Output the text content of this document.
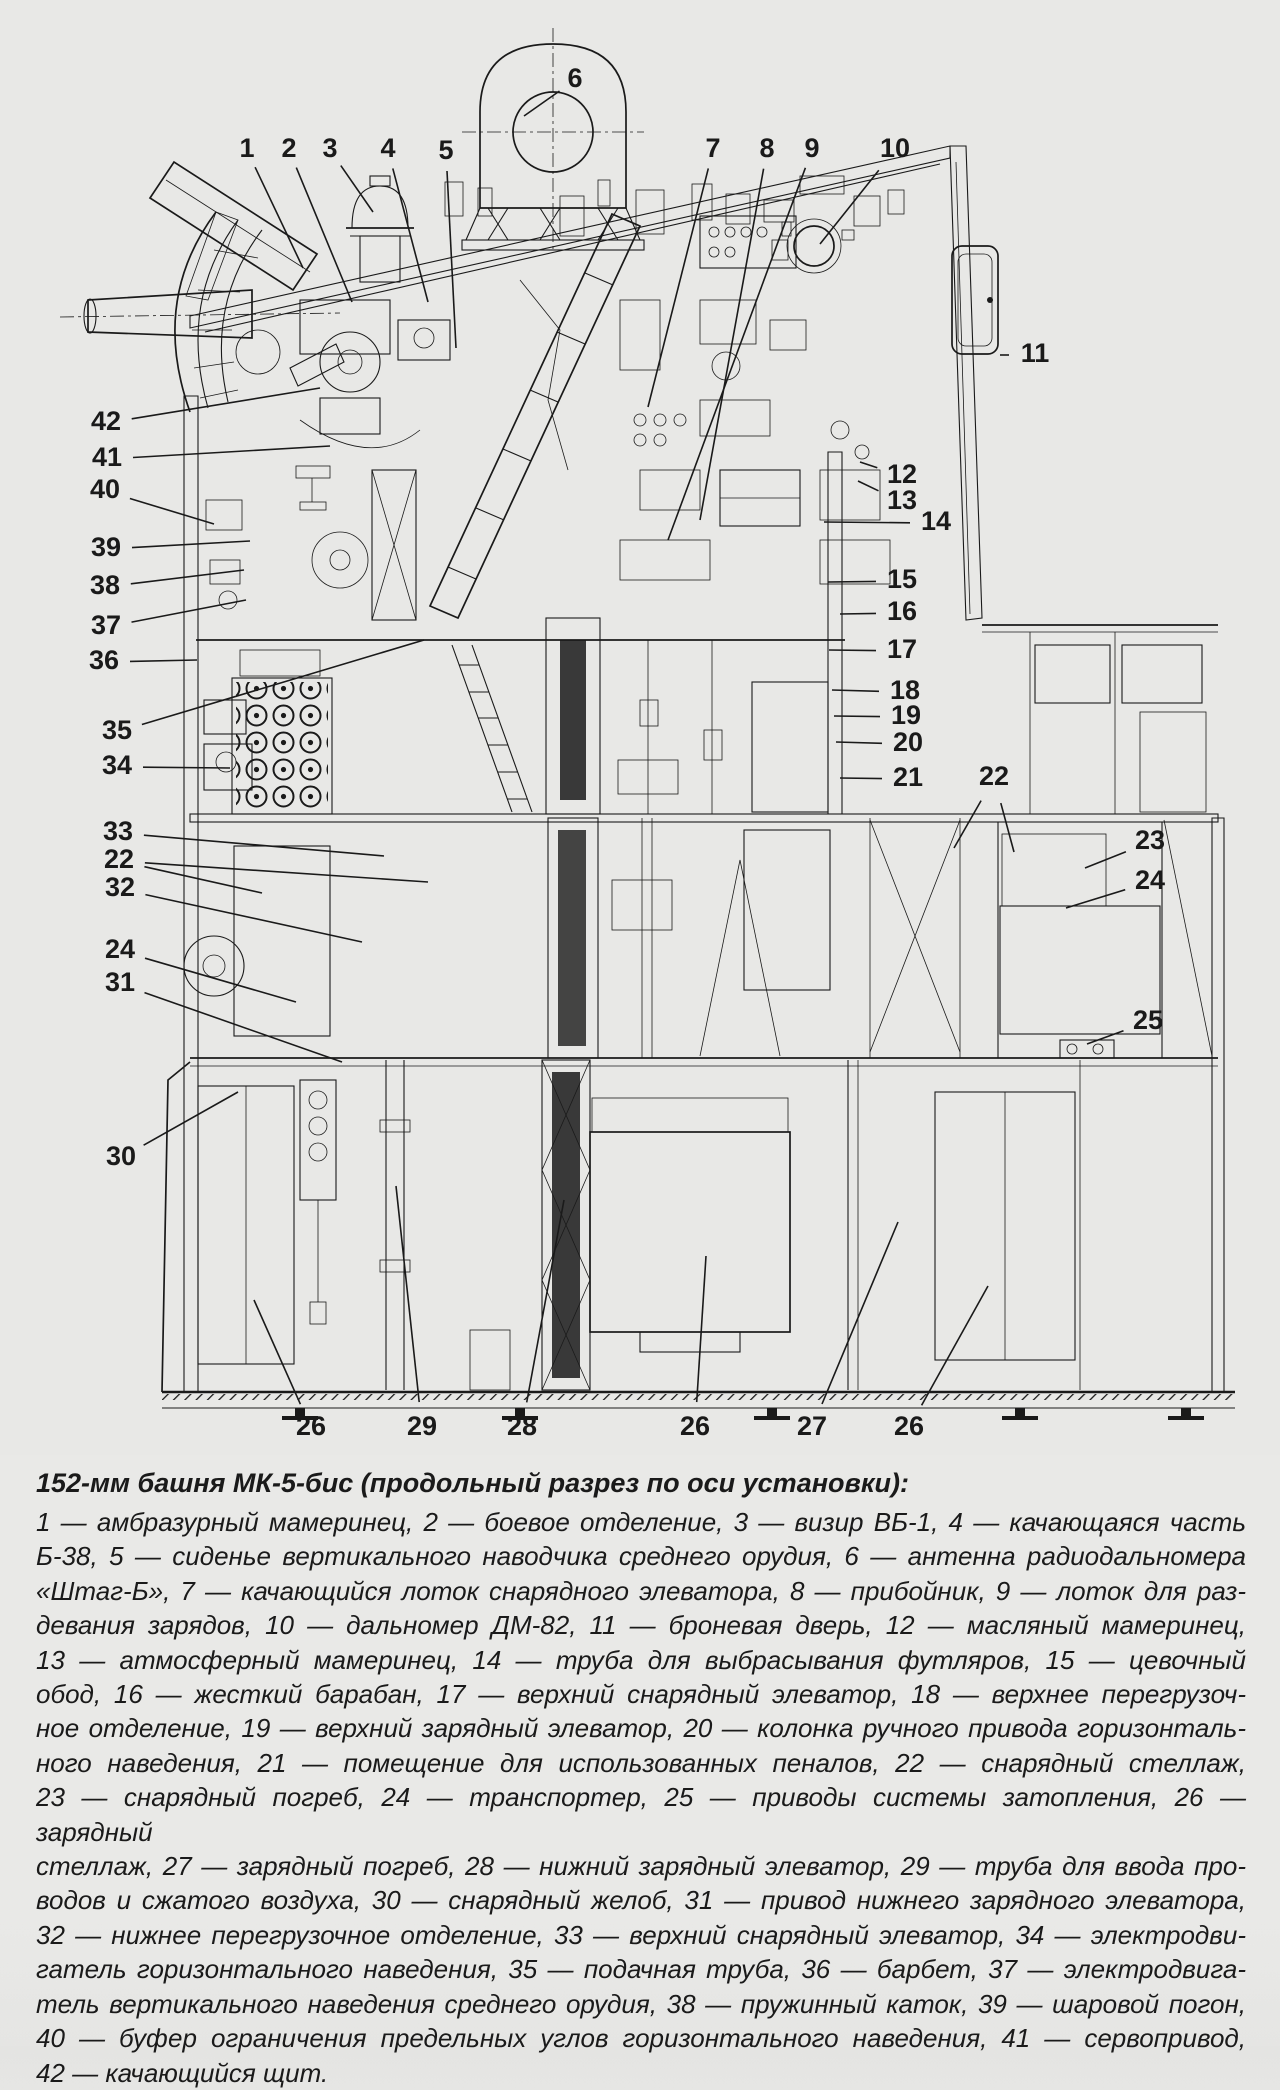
1 2 3 4 5
6
7 8 9 10
11
42
41
40
39
38
37
36
35
34
33
22
32
24
31
30
12
13
14
15
16
17
18
19
20
21 22
23
24
25
26	29	28	26	27 26

152-мм башня МК-5-бис (продольный разрез по оси установки):

1 — амбразурный мамеринец, 2 — боевое отделение, 3 — визир ВБ-1, 4 — качающаяся часть
Б-38, 5 — сиденье вертикального наводчика среднего орудия, 6 — антенна радиодальномера
«Штаг-Б», 7 — качающийся лоток снарядного элеватора, 8 — прибойник, 9 — лоток для раз-
девания зарядов, 10 — дальномер ДМ-82, 11 — броневая дверь, 12 — масляный мамеринец,
13 — атмосферный мамеринец, 14 — труба для выбрасывания футляров, 15 — цевочный
обод, 16 — жесткий барабан, 17 — верхний снарядный элеватор, 18 — верхнее перегрузоч-
ное отделение, 19 — верхний зарядный элеватор, 20 — колонка ручного привода горизонталь-
ного наведения, 21 — помещение для использованных пеналов, 22 — снарядный стеллаж,
23 — снарядный погреб, 24 — транспортер, 25 — приводы системы затопления, 26 — зарядный
стеллаж, 27 — зарядный погреб, 28 — нижний зарядный элеватор, 29 — труба для ввода про-
водов и сжатого воздуха, 30 — снарядный желоб, 31 — привод нижнего зарядного элеватора,
32 — нижнее перегрузочное отделение, 33 — верхний снарядный элеватор, 34 — электродви-
гатель горизонтального наведения, 35 — подачная труба, 36 — барбет, 37 — электродвига-
тель вертикального наведения среднего орудия, 38 — пружинный каток, 39 — шаровой погон,
40 — буфер ограничения предельных углов горизонтального наведения, 41 — сервопривод,
42 — качающийся щит.
